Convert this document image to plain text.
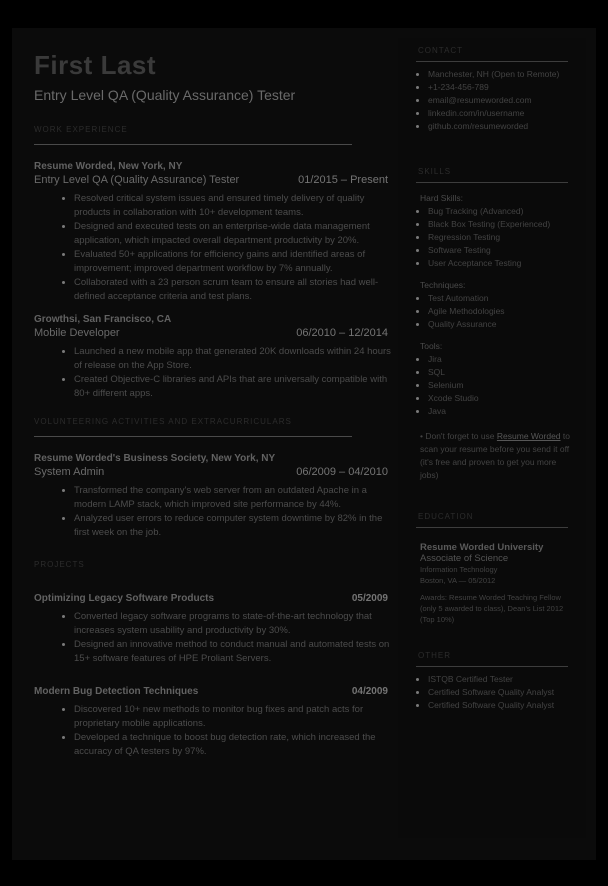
First Last
Entry Level QA (Quality Assurance) Tester
WORK EXPERIENCE
Resume Worded, New York, NY
Entry Level QA (Quality Assurance) Tester	01/2015 – Present
• Resolved critical system issues and ensured timely delivery of quality products in collaboration with 10+ development teams.
• Designed and executed tests on an enterprise-wide data management application, which impacted overall department productivity by 20%.
• Evaluated 50+ applications for efficiency gains and identified areas of improvement; improved department workflow by 7% annually.
• Collaborated with a 23 person scrum team to ensure all stories had well-defined acceptance criteria and test plans.
Growthsi, San Francisco, CA
Mobile Developer	06/2010 – 12/2014
• Launched a new mobile app that generated 20K downloads within 24 hours of release on the App Store.
• Created Objective-C libraries and APIs that are universally compatible with 80+ different apps.
VOLUNTEERING ACTIVITIES AND EXTRACURRICULARS
Resume Worded's Business Society, New York, NY
System Admin	06/2009 – 04/2010
• Transformed the company's web server from an outdated Apache in a modern LAMP stack, which improved site performance by 44%.
• Analyzed user errors to reduce computer system downtime by 82% in the first week on the job.
PROJECTS
Optimizing Legacy Software Products	05/2009
• Converted legacy software programs to state-of-the-art technology that increases system usability and productivity by 30%.
• Designed an innovative method to conduct manual and automated tests on 15+ software features of HPE Proliant Servers.
Modern Bug Detection Techniques	04/2009
• Discovered 10+ new methods to monitor bug fixes and patch acts for proprietary mobile applications.
• Developed a technique to boost bug detection rate, which increased the accuracy of QA testers by 97%.
CONTACT
• Manchester, NH (Open to Remote)
• +1-234-456-789
• email@resumeworded.com
• linkedin.com/in/username
• github.com/resumeworded
SKILLS
Hard Skills:
• Bug Tracking (Advanced)
• Black Box Testing (Experienced)
• Regression Testing
• Software Testing
• User Acceptance Testing
Techniques:
• Test Automation
• Agile Methodologies
• Quality Assurance
Tools:
• Jira
• SQL
• Selenium
• Xcode Studio
• Java

• Don't forget to use Resume Worded to scan your resume before you send it off (it's free and proven to get you more jobs)

EDUCATION
Resume Worded University
Associate of Science
Information Technology
Boston, VA — 05/2012
Awards: Resume Worded Teaching Fellow (only 5 awarded to class), Dean's List 2012 (Top 10%)
OTHER
• ISTQB Certified Tester
• Certified Software Quality Analyst
• Certified Software Quality Analyst
